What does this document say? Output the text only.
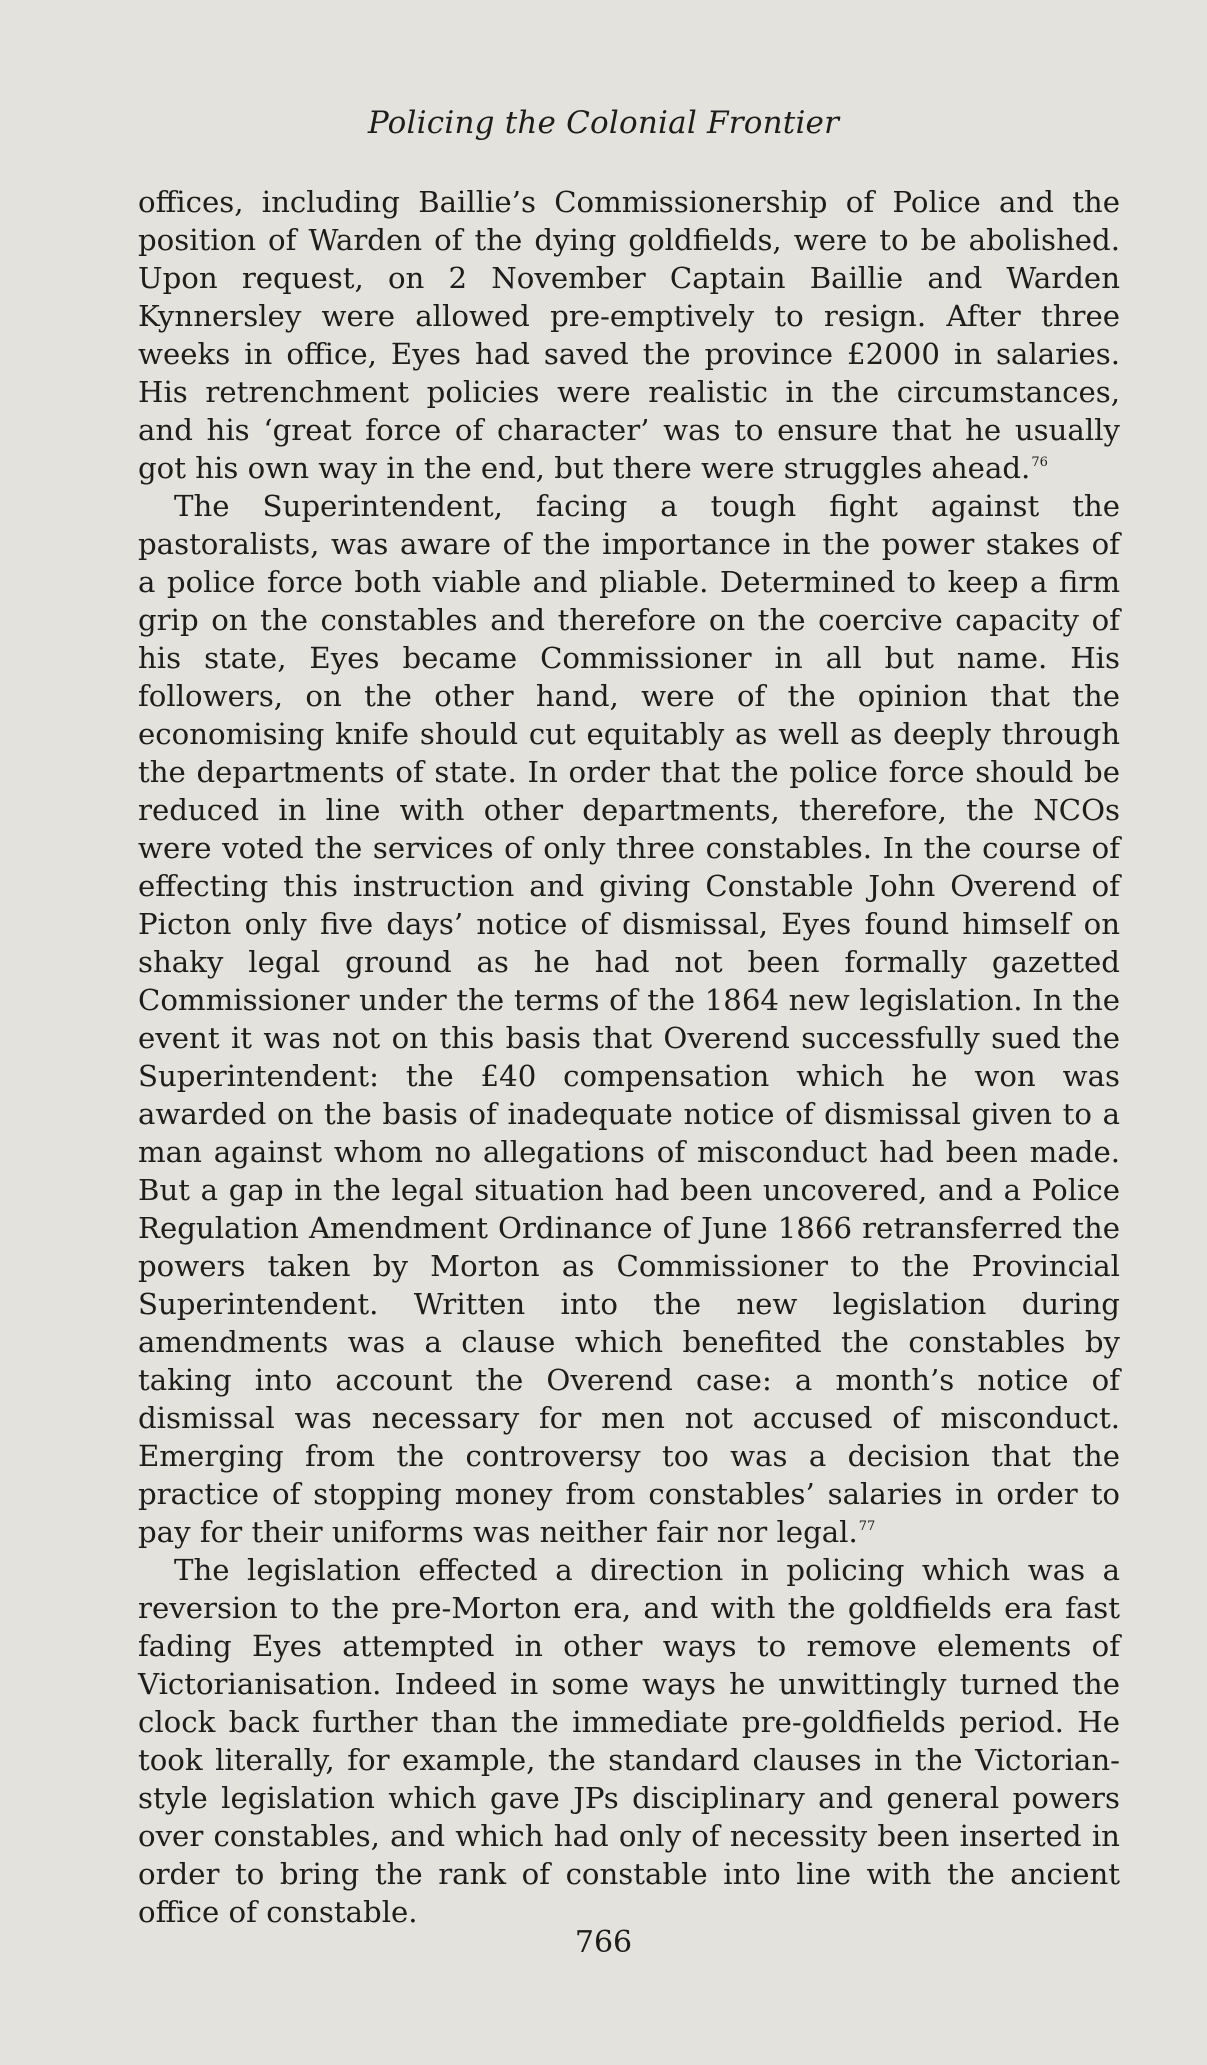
Policing the Colonial Frontier

offices, including Baillie’s Commissionership of Police and the position of Warden of the dying goldfields, were to be abolished. Upon request, on 2 November Captain Baillie and Warden Kynnersley were allowed pre-emptively to resign. After three weeks in office, Eyes had saved the province £2000 in salaries. His retrenchment policies were realistic in the circumstances, and his ‘great force of character’ was to ensure that he usually got his own way in the end, but there were struggles ahead.$^{76}$

The Superintendent, facing a tough fight against the pastoralists, was aware of the importance in the power stakes of a police force both viable and pliable. Determined to keep a firm grip on the constables and therefore on the coercive capacity of his state, Eyes became Commissioner in all but name. His followers, on the other hand, were of the opinion that the economising knife should cut equitably as well as deeply through the departments of state. In order that the police force should be reduced in line with other departments, therefore, the NCOs were voted the services of only three constables. In the course of effecting this instruction and giving Constable John Overend of Picton only five days’ notice of dismissal, Eyes found himself on shaky legal ground as he had not been formally gazetted Commissioner under the terms of the 1864 new legislation. In the event it was not on this basis that Overend successfully sued the Superintendent: the £40 compensation which he won was awarded on the basis of inadequate notice of dismissal given to a man against whom no allegations of misconduct had been made. But a gap in the legal situation had been uncovered, and a Police Regulation Amendment Ordinance of June 1866 retransferred the powers taken by Morton as Commissioner to the Provincial Superintendent. Written into the new legislation during amendments was a clause which benefited the constables by taking into account the Overend case: a month’s notice of dismissal was necessary for men not accused of misconduct. Emerging from the controversy too was a decision that the practice of stopping money from constables’ salaries in order to pay for their uniforms was neither fair nor legal.$^{77}$

The legislation effected a direction in policing which was a reversion to the pre-Morton era, and with the goldfields era fast fading Eyes attempted in other ways to remove elements of Victorianisation. Indeed in some ways he unwittingly turned the clock back further than the immediate pre-goldfields period. He took literally, for example, the standard clauses in the Victorian-style legislation which gave JPs disciplinary and general powers over constables, and which had only of necessity been inserted in order to bring the rank of constable into line with the ancient office of constable.

766
